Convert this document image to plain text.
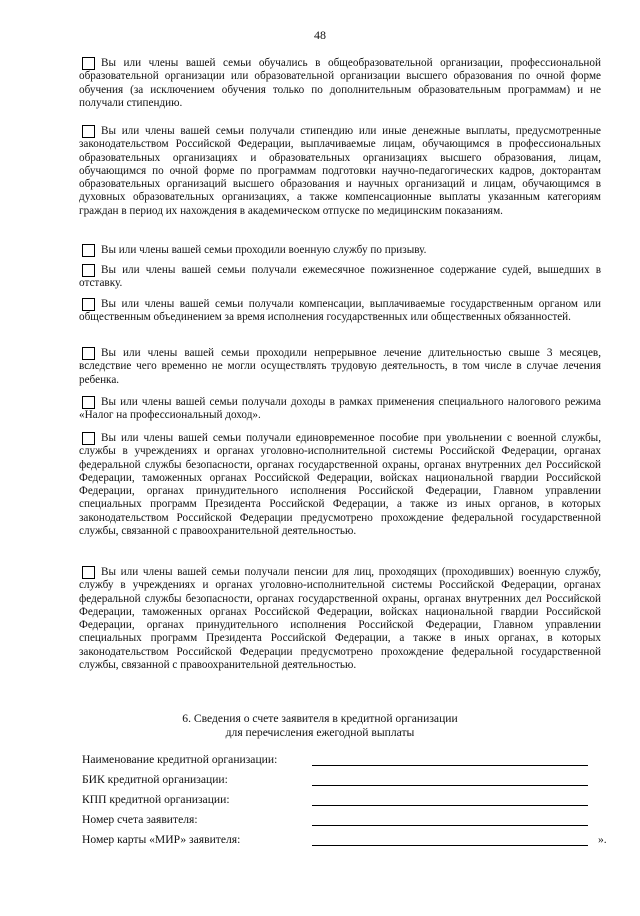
48
Вы или члены вашей семьи обучались в общеобразовательной организации, профессиональной образовательной организации или образовательной организации высшего образования по очной форме обучения (за исключением обучения только по дополнительным образовательным программам) и не получали стипендию.
Вы или члены вашей семьи получали стипендию или иные денежные выплаты, предусмотренные законодательством Российской Федерации, выплачиваемые лицам, обучающимся в профессиональных образовательных организациях и образовательных организациях высшего образования, лицам, обучающимся по очной форме по программам подготовки научно-педагогических кадров, докторантам образовательных организаций высшего образования и научных организаций и лицам, обучающимся в духовных образовательных организациях, а также компенсационные выплаты указанным категориям граждан в период их нахождения в академическом отпуске по медицинским показаниям.
Вы или члены вашей семьи проходили военную службу по призыву.
Вы или члены вашей семьи получали ежемесячное пожизненное содержание судей, вышедших в отставку.
Вы или члены вашей семьи получали компенсации, выплачиваемые государственным органом или общественным объединением за время исполнения государственных или общественных обязанностей.
Вы или члены вашей семьи проходили непрерывное лечение длительностью свыше 3 месяцев, вследствие чего временно не могли осуществлять трудовую деятельность, в том числе в случае лечения ребенка.
Вы или члены вашей семьи получали доходы в рамках применения специального налогового режима «Налог на профессиональный доход».
Вы или члены вашей семьи получали единовременное пособие при увольнении с военной службы, службы в учреждениях и органах уголовно-исполнительной системы Российской Федерации, органах федеральной службы безопасности, органах государственной охраны, органах внутренних дел Российской Федерации, таможенных органах Российской Федерации, войсках национальной гвардии Российской Федерации, органах принудительного исполнения Российской Федерации, Главном управлении специальных программ Президента Российской Федерации, а также из иных органов, в которых законодательством Российской Федерации предусмотрено прохождение федеральной государственной службы, связанной с правоохранительной деятельностью.
Вы или члены вашей семьи получали пенсии для лиц, проходящих (проходивших) военную службу, службу в учреждениях и органах уголовно-исполнительной системы Российской Федерации, органах федеральной службы безопасности, органах государственной охраны, органах внутренних дел Российской Федерации, таможенных органах Российской Федерации, войсках национальной гвардии Российской Федерации, органах принудительного исполнения Российской Федерации, Главном управлении специальных программ Президента Российской Федерации, а также в иных органах, в которых законодательством Российской Федерации предусмотрено прохождение федеральной государственной службы, связанной с правоохранительной деятельностью.
6. Сведения о счете заявителя в кредитной организации
для перечисления ежегодной выплаты
Наименование кредитной организации:
БИК кредитной организации:
КПП кредитной организации:
Номер счета заявителя:
Номер карты «МИР» заявителя:	».
